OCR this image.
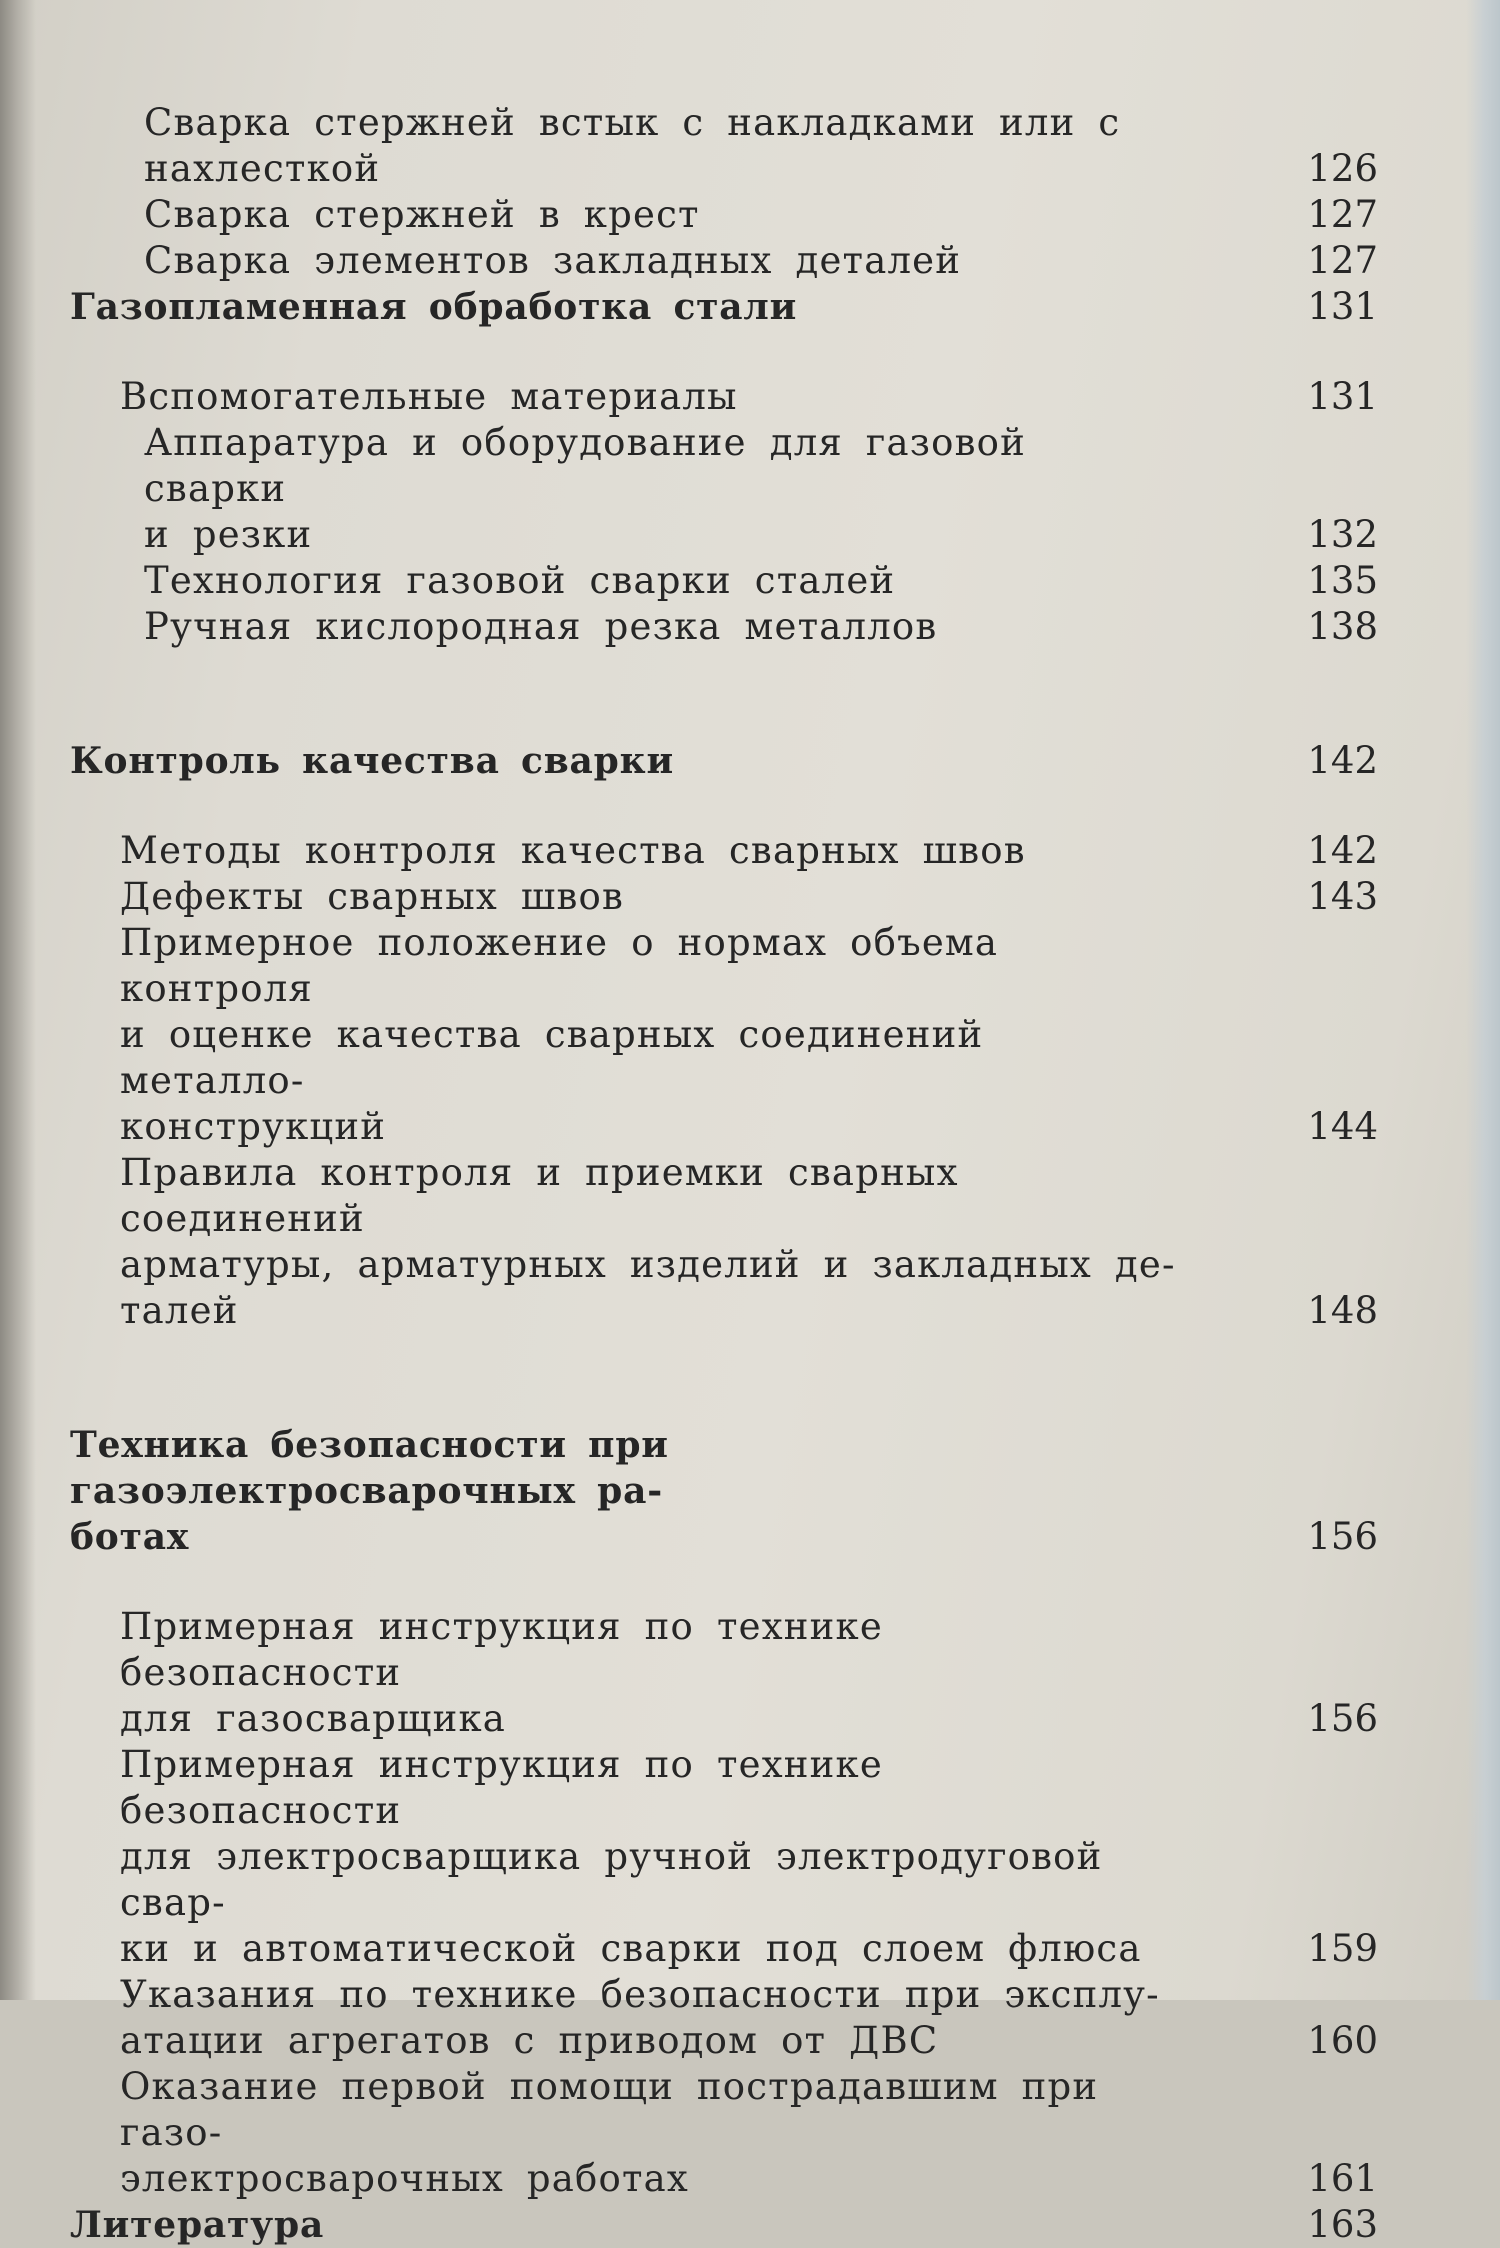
Сварка стержней встык с накладками или с
нахлесткой	126
Сварка стержней в крест	127
Сварка элементов закладных деталей	127
Газопламенная обработка стали	131
Вспомогательные материалы	131
Аппаратура и оборудование для газовой сварки
и резки	132
Технология газовой сварки сталей	135
Ручная кислородная резка металлов	138
Контроль качества сварки	142
Методы контроля качества сварных швов	142
Дефекты сварных швов	143
Примерное положение о нормах объема контроля
и оценке качества сварных соединений металло-
конструкций	144
Правила контроля и приемки сварных соединений
арматуры, арматурных изделий и закладных де-
талей	148
Техника безопасности при газоэлектросварочных ра-
ботах	156
Примерная инструкция по технике безопасности
для газосварщика	156
Примерная инструкция по технике безопасности
для электросварщика ручной электродуговой свар-
ки и автоматической сварки под слоем флюса	159
Указания по технике безопасности при эксплу-
атации агрегатов с приводом от ДВС	160
Оказание первой помощи пострадавшим при газо-
электросварочных работах	161
Литература	163
